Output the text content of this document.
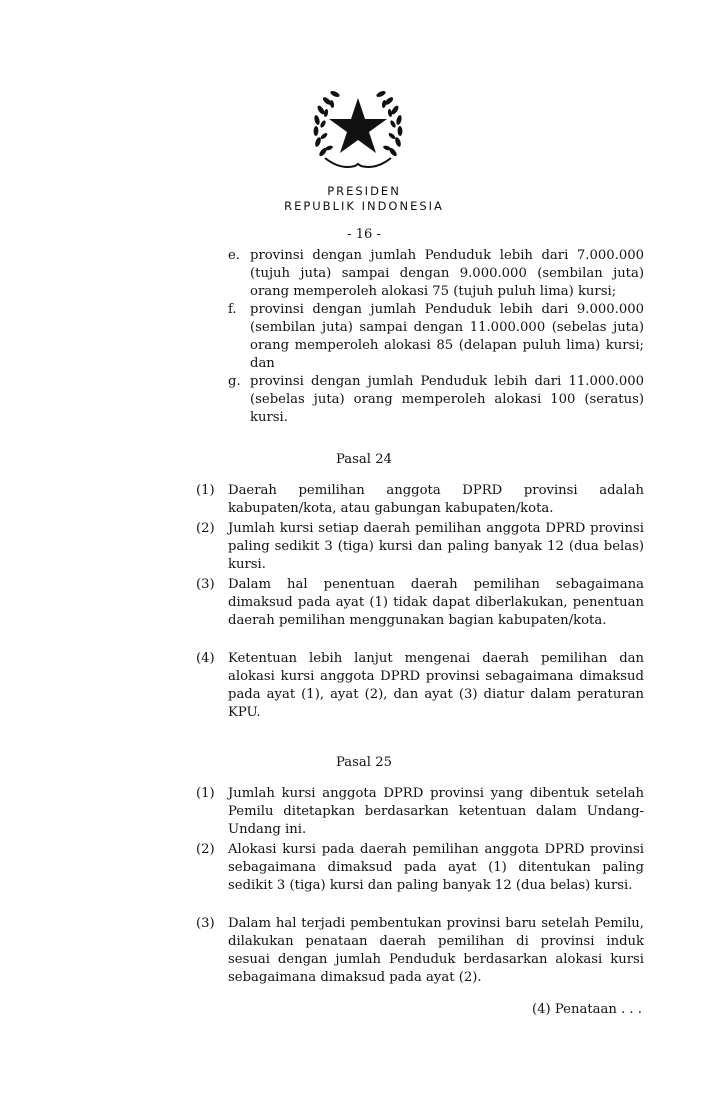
PRESIDEN
REPUBLIK INDONESIA
- 16 -
e. provinsi dengan jumlah Penduduk lebih dari 7.000.000 (tujuh juta) sampai dengan 9.000.000 (sembilan juta) orang memperoleh alokasi 75 (tujuh puluh lima) kursi;
f. provinsi dengan jumlah Penduduk lebih dari 9.000.000 (sembilan juta) sampai dengan 11.000.000 (sebelas juta) orang memperoleh alokasi 85 (delapan puluh lima) kursi; dan
g. provinsi dengan jumlah Penduduk lebih dari 11.000.000 (sebelas juta) orang memperoleh alokasi 100 (seratus) kursi.
Pasal 24
(1) Daerah pemilihan anggota DPRD provinsi adalah kabupaten/kota, atau gabungan kabupaten/kota.
(2) Jumlah kursi setiap daerah pemilihan anggota DPRD provinsi paling sedikit 3 (tiga) kursi dan paling banyak 12 (dua belas) kursi.
(3) Dalam hal penentuan daerah pemilihan sebagaimana dimaksud pada ayat (1) tidak dapat diberlakukan, penentuan daerah pemilihan menggunakan bagian kabupaten/kota.
(4) Ketentuan lebih lanjut mengenai daerah pemilihan dan alokasi kursi anggota DPRD provinsi sebagaimana dimaksud pada ayat (1), ayat (2), dan ayat (3) diatur dalam peraturan KPU.
Pasal 25
(1) Jumlah kursi anggota DPRD provinsi yang dibentuk setelah Pemilu ditetapkan berdasarkan ketentuan dalam Undang-Undang ini.
(2) Alokasi kursi pada daerah pemilihan anggota DPRD provinsi sebagaimana dimaksud pada ayat (1) ditentukan paling sedikit 3 (tiga) kursi dan paling banyak 12 (dua belas) kursi.
(3) Dalam hal terjadi pembentukan provinsi baru setelah Pemilu, dilakukan penataan daerah pemilihan di provinsi induk sesuai dengan jumlah Penduduk berdasarkan alokasi kursi sebagaimana dimaksud pada ayat (2).
(4) Penataan . . .
